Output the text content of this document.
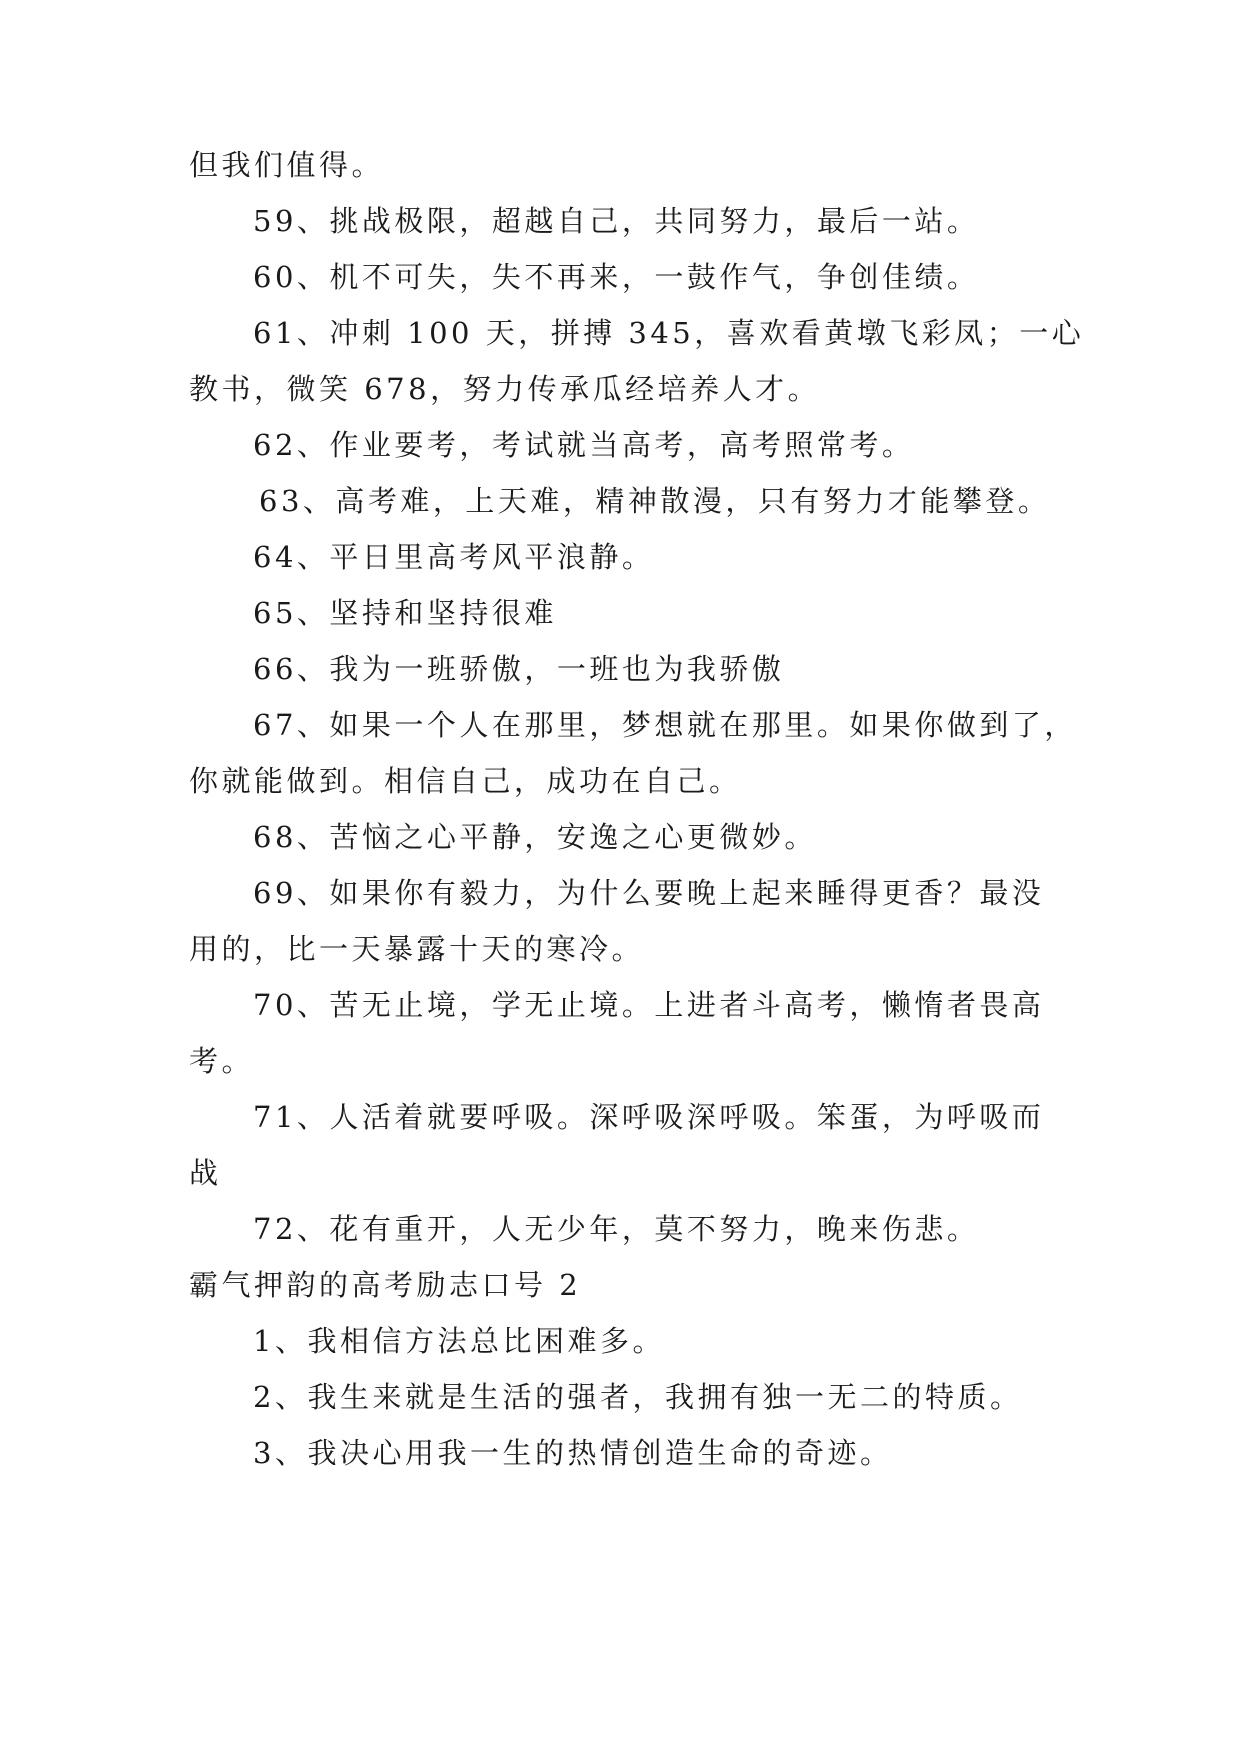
但我们值得。
59、挑战极限，超越自己，共同努力，最后一站。
60、机不可失，失不再来，一鼓作气，争创佳绩。
61、冲刺 100 天，拼搏 345，喜欢看黄墩飞彩凤；一心
教书，微笑 678，努力传承瓜经培养人才。
62、作业要考，考试就当高考，高考照常考。
63、高考难，上天难，精神散漫，只有努力才能攀登。
64、平日里高考风平浪静。
65、坚持和坚持很难
66、我为一班骄傲，一班也为我骄傲
67、如果一个人在那里，梦想就在那里。如果你做到了，
你就能做到。相信自己，成功在自己。
68、苦恼之心平静，安逸之心更微妙。
69、如果你有毅力，为什么要晚上起来睡得更香？最没
用的，比一天暴露十天的寒冷。
70、苦无止境，学无止境。上进者斗高考，懒惰者畏高
考。
71、人活着就要呼吸。深呼吸深呼吸。笨蛋，为呼吸而
战
72、花有重开，人无少年，莫不努力，晚来伤悲。
霸气押韵的高考励志口号 2
1、我相信方法总比困难多。
2、我生来就是生活的强者，我拥有独一无二的特质。
3、我决心用我一生的热情创造生命的奇迹。
